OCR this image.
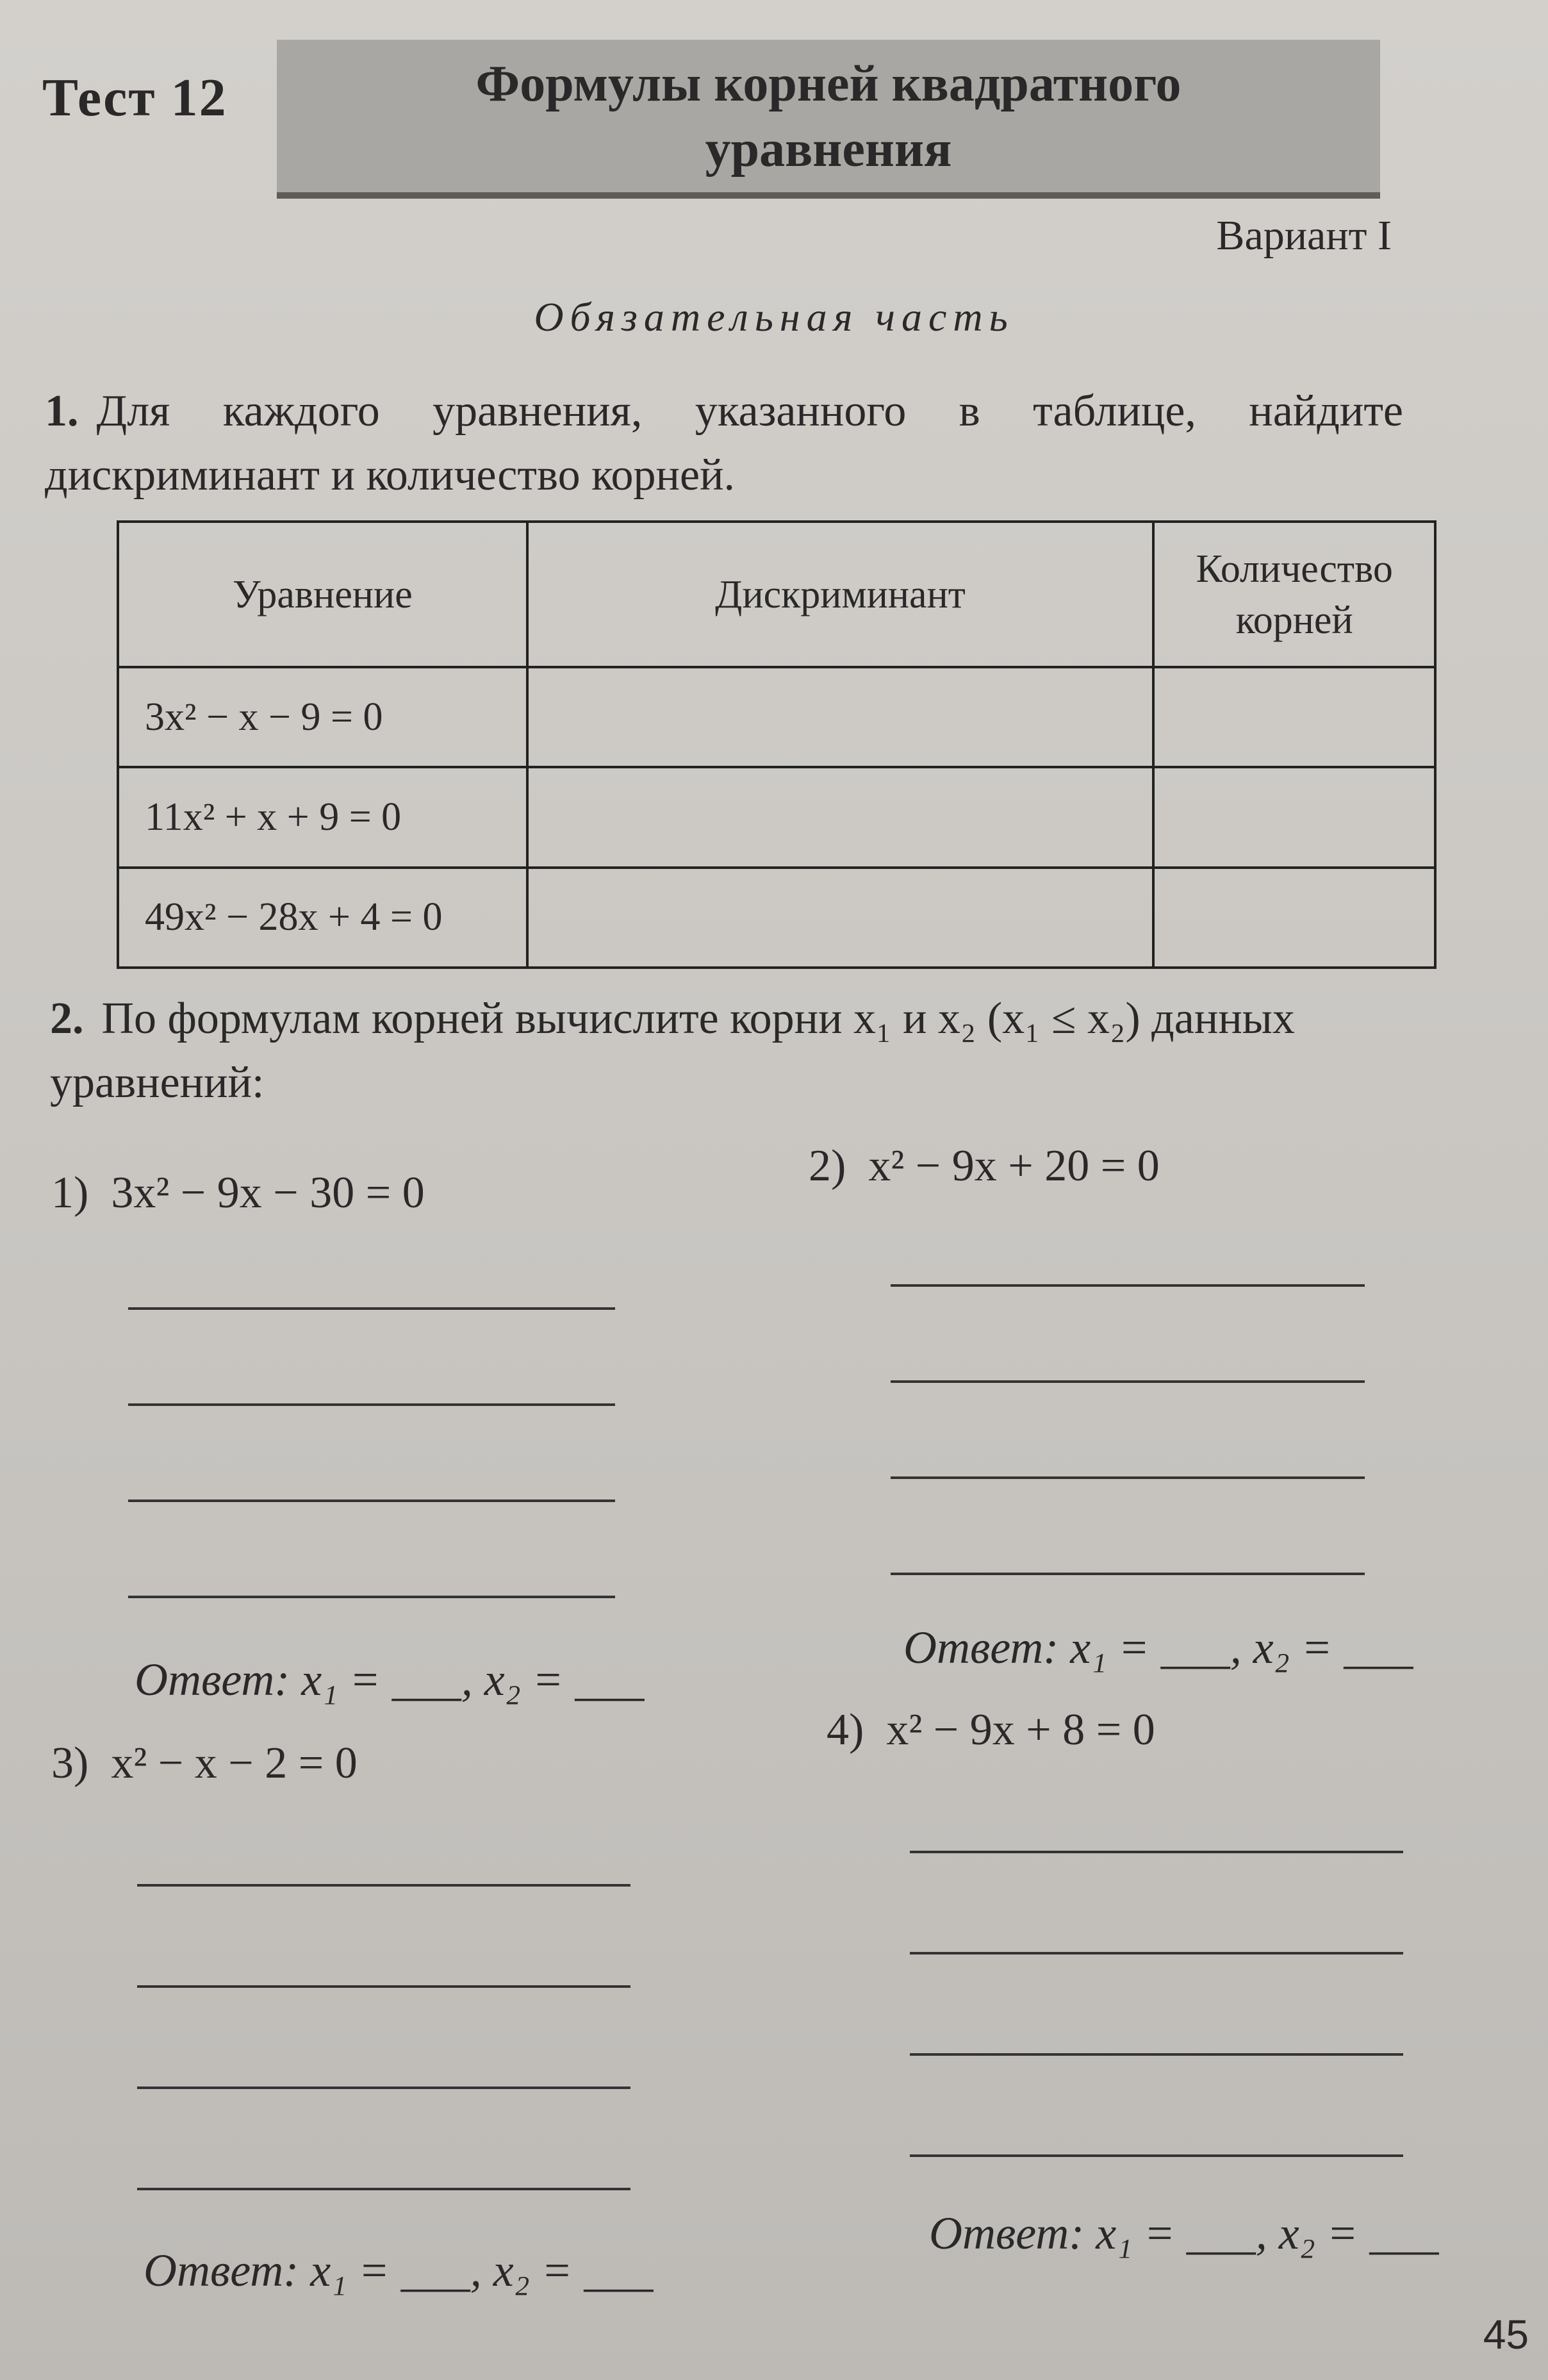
Тест 12	Формулы корней квадратного
уравнения
Вариант I
Обязательная часть
1. Для каждого уравнения, указанного в таблице, найдите дискриминант и количество корней.
Уравнение	Дискриминант	Количество корней
3x² − x − 9 = 0		
11x² + x + 9 = 0		
49x² − 28x + 4 = 0		
2. По формулам корней вычислите корни x₁ и x₂ (x₁ ≤ x₂) данных уравнений:
1) 3x² − 9x − 30 = 0
Ответ: x₁ = ___, x₂ = ___
2) x² − 9x + 20 = 0
Ответ: x₁ = ___, x₂ = ___
3) x² − x − 2 = 0
Ответ: x₁ = ___, x₂ = ___
4) x² − 9x + 8 = 0
Ответ: x₁ = ___, x₂ = ___
45
